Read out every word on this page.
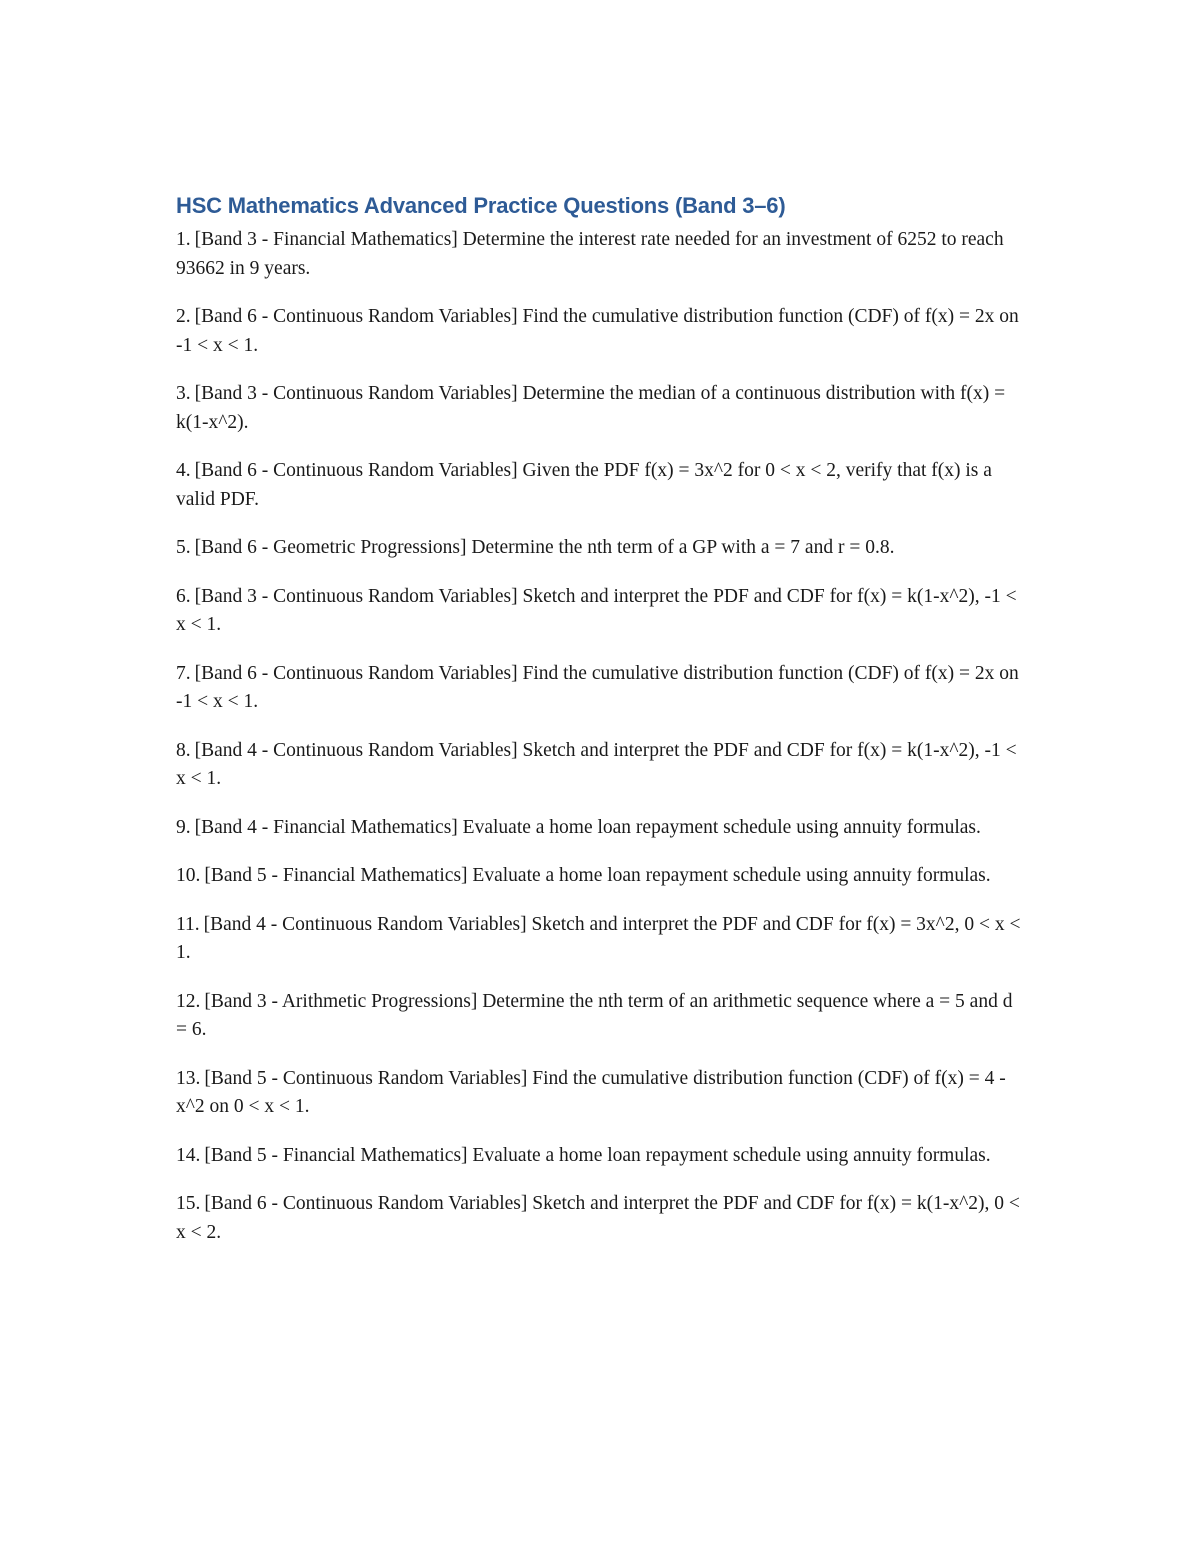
HSC Mathematics Advanced Practice Questions (Band 3–6)
1. [Band 3 - Financial Mathematics] Determine the interest rate needed for an investment of 6252 to reach 93662 in 9 years.
2. [Band 6 - Continuous Random Variables] Find the cumulative distribution function (CDF) of f(x) = 2x on -1 < x < 1.
3. [Band 3 - Continuous Random Variables] Determine the median of a continuous distribution with f(x) = k(1-x^2).
4. [Band 6 - Continuous Random Variables] Given the PDF f(x) = 3x^2 for 0 < x < 2, verify that f(x) is a valid PDF.
5. [Band 6 - Geometric Progressions] Determine the nth term of a GP with a = 7 and r = 0.8.
6. [Band 3 - Continuous Random Variables] Sketch and interpret the PDF and CDF for f(x) = k(1-x^2), -1 < x < 1.
7. [Band 6 - Continuous Random Variables] Find the cumulative distribution function (CDF) of f(x) = 2x on -1 < x < 1.
8. [Band 4 - Continuous Random Variables] Sketch and interpret the PDF and CDF for f(x) = k(1-x^2), -1 < x < 1.
9. [Band 4 - Financial Mathematics] Evaluate a home loan repayment schedule using annuity formulas.
10. [Band 5 - Financial Mathematics] Evaluate a home loan repayment schedule using annuity formulas.
11. [Band 4 - Continuous Random Variables] Sketch and interpret the PDF and CDF for f(x) = 3x^2, 0 < x < 1.
12. [Band 3 - Arithmetic Progressions] Determine the nth term of an arithmetic sequence where a = 5 and d = 6.
13. [Band 5 - Continuous Random Variables] Find the cumulative distribution function (CDF) of f(x) = 4 - x^2 on 0 < x < 1.
14. [Band 5 - Financial Mathematics] Evaluate a home loan repayment schedule using annuity formulas.
15. [Band 6 - Continuous Random Variables] Sketch and interpret the PDF and CDF for f(x) = k(1-x^2), 0 < x < 2.
